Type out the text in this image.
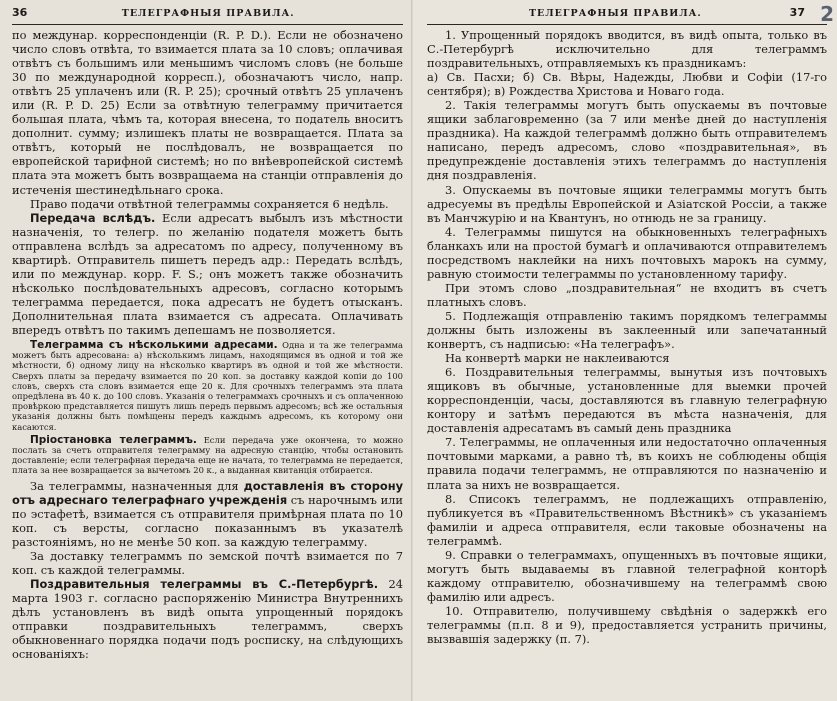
36	ТЕЛЕГРАФНЫЯ ПРАВИЛА.

по междунар. корреспонденціи (R. P. D.). Если не обозначено число словъ отвѣта, то взимается плата за 10 словъ; оплачивая отвѣтъ съ большимъ или меньшимъ числомъ словъ (не больше 30 по международной корресп.), обозначаютъ число, напр. отвѣтъ 25 уплаченъ или (R. P. 25); срочный отвѣтъ 25 уплаченъ или (R. P. D. 25) Если за отвѣтную телеграмму причитается большая плата, чѣмъ та, которая внесена, то податель вноситъ дополнит. сумму; излишекъ платы не возвращается. Плата за отвѣтъ, который не послѣдовалъ, не возвращается по европейской тарифной системѣ; но по внѣевропейской системѣ плата эта можетъ быть возвращаема на станціи отправленія до истеченія шестинедѣльнаго срока.

Право подачи отвѣтной телеграммы сохраняется 6 недѣль.

Передача вслѣдъ. Если адресатъ выбылъ изъ мѣстности назначенія, то телегр. по желанію подателя можетъ быть отправлена вслѣдъ за адресатомъ по адресу, полученному въ квартирѣ. Отправитель пишетъ передъ адр.: Передать вслѣдъ, или по междунар. корр. F. S.; онъ можетъ также обозначить нѣсколько послѣдовательныхъ адресовъ, согласно которымъ телеграмма передается, пока адресатъ не будетъ отысканъ. Дополнительная плата взимается съ адресата. Оплачивать впередъ отвѣтъ по такимъ депешамъ не позволяется.

Телеграмма съ нѣсколькими адресами. Одна и та же телеграмма можетъ быть адресована: а) нѣсколькимъ лицамъ, находящимся въ одной и той же мѣстности, б) одному лицу на нѣсколько квартиръ въ одной и той же мѣстности. Сверхъ платы за передачу взимается по 20 коп. за доставку каждой копіи до 100 словъ, сверхъ ста словъ взимается еще 20 к. Для срочныхъ телеграммъ эта плата опредѣлена въ 40 к. до 100 словъ. Указанія о телеграммахъ срочныхъ и съ оплаченною провѣркою представляется пишутъ лишь передъ первымъ адресомъ; всѣ же остальныя указанія должны быть помѣщены передъ каждымъ адресомъ, къ которому они касаются.

Пріостановка телеграммъ. Если передача уже окончена, то можно послать за счетъ отправителя телеграмму на адресную станцію, чтобы остановить доставленіе; если телеграфная передача еще не начата, то телеграмма не передается, плата за нее возвращается за вычетомъ 20 к., а выданная квитанція отбирается.

За телеграммы, назначенныя для доставленія въ сторону отъ адреснаго телеграфнаго учрежденія съ нарочнымъ или по эстафетѣ, взимается съ отправителя примѣрная плата по 10 коп. съ версты, согласно показаннымъ въ указателѣ разстояніямъ, но не менѣе 50 коп. за каждую телеграмму.

За доставку телеграммъ по земской почтѣ взимается по 7 коп. съ каждой телеграммы.

Поздравительныя телеграммы въ С.-Петербургѣ. 24 марта 1903 г. согласно распоряженію Министра Внутреннихъ дѣлъ установленъ въ видѣ опыта упрощенный порядокъ отправки поздравительныхъ телеграммъ, сверхъ обыкновеннаго порядка подачи подъ росписку, на слѣдующихъ основаніяхъ:

ТЕЛЕГРАФНЫЯ ПРАВИЛА.	37 2

1. Упрощенный порядокъ вводится, въ видѣ опыта, только въ С.-Петербургѣ исключительно для телеграммъ поздравительныхъ, отправляемыхъ къ праздникамъ:

а) Св. Пасхи; б) Св. Вѣры, Надежды, Любви и Софіи (17-го сентября); в) Рождества Христова и Новаго года.

2. Такія телеграммы могутъ быть опускаемы въ почтовые ящики заблаговременно (за 7 или менѣе дней до наступленія праздника). На каждой телеграммѣ должно быть отправителемъ написано, передъ адресомъ, слово «поздравительная», въ предупрежденіе доставленія этихъ телеграммъ до наступленія дня поздравленія.

3. Опускаемы въ почтовые ящики телеграммы могутъ быть адресуемы въ предѣлы Европейской и Азіатской Россіи, а также въ Манчжурію и на Квантунъ, но отнюдь не за границу.

4. Телеграммы пишутся на обыкновенныхъ телеграфныхъ бланкахъ или на простой бумагѣ и оплачиваются отправителемъ посредствомъ наклейки на нихъ почтовыхъ марокъ на сумму, равную стоимости телеграммы по установленному тарифу.

При этомъ слово „поздравительная“ не входитъ въ счетъ платныхъ словъ.

5. Подлежащія отправленію такимъ порядкомъ телеграммы должны быть изложены въ заклеенный или запечатанный конвертъ, съ надписью: «На телеграфъ».

На конвертѣ марки не наклеиваются

6. Поздравительныя телеграммы, вынутыя изъ почтовыхъ ящиковъ въ обычные, установленные для выемки прочей корреспонденціи, часы, доставляются въ главную телеграфную контору и затѣмъ передаются въ мѣста назначенія, для доставленія адресатамъ въ самый день праздника

7. Телеграммы, не оплаченныя или недостаточно оплаченныя почтовыми марками, а равно тѣ, въ коихъ не соблюдены общія правила подачи телеграммъ, не отправляются по назначенію и плата за нихъ не возвращается.

8. Списокъ телеграммъ, не подлежащихъ отправленію, публикуется въ «Правительственномъ Вѣстникѣ» съ указаніемъ фамиліи и адреса отправителя, если таковые обозначены на телеграммѣ.

9. Справки о телеграммахъ, опущенныхъ въ почтовые ящики, могутъ быть выдаваемы въ главной телеграфной конторѣ каждому отправителю, обозначившему на телеграммѣ свою фамилію или адресъ.

10. Отправителю, получившему свѣдѣнія о задержкѣ его телеграммы (п.п. 8 и 9), предоставляется устранить причины, вызвавшія задержку (п. 7).
